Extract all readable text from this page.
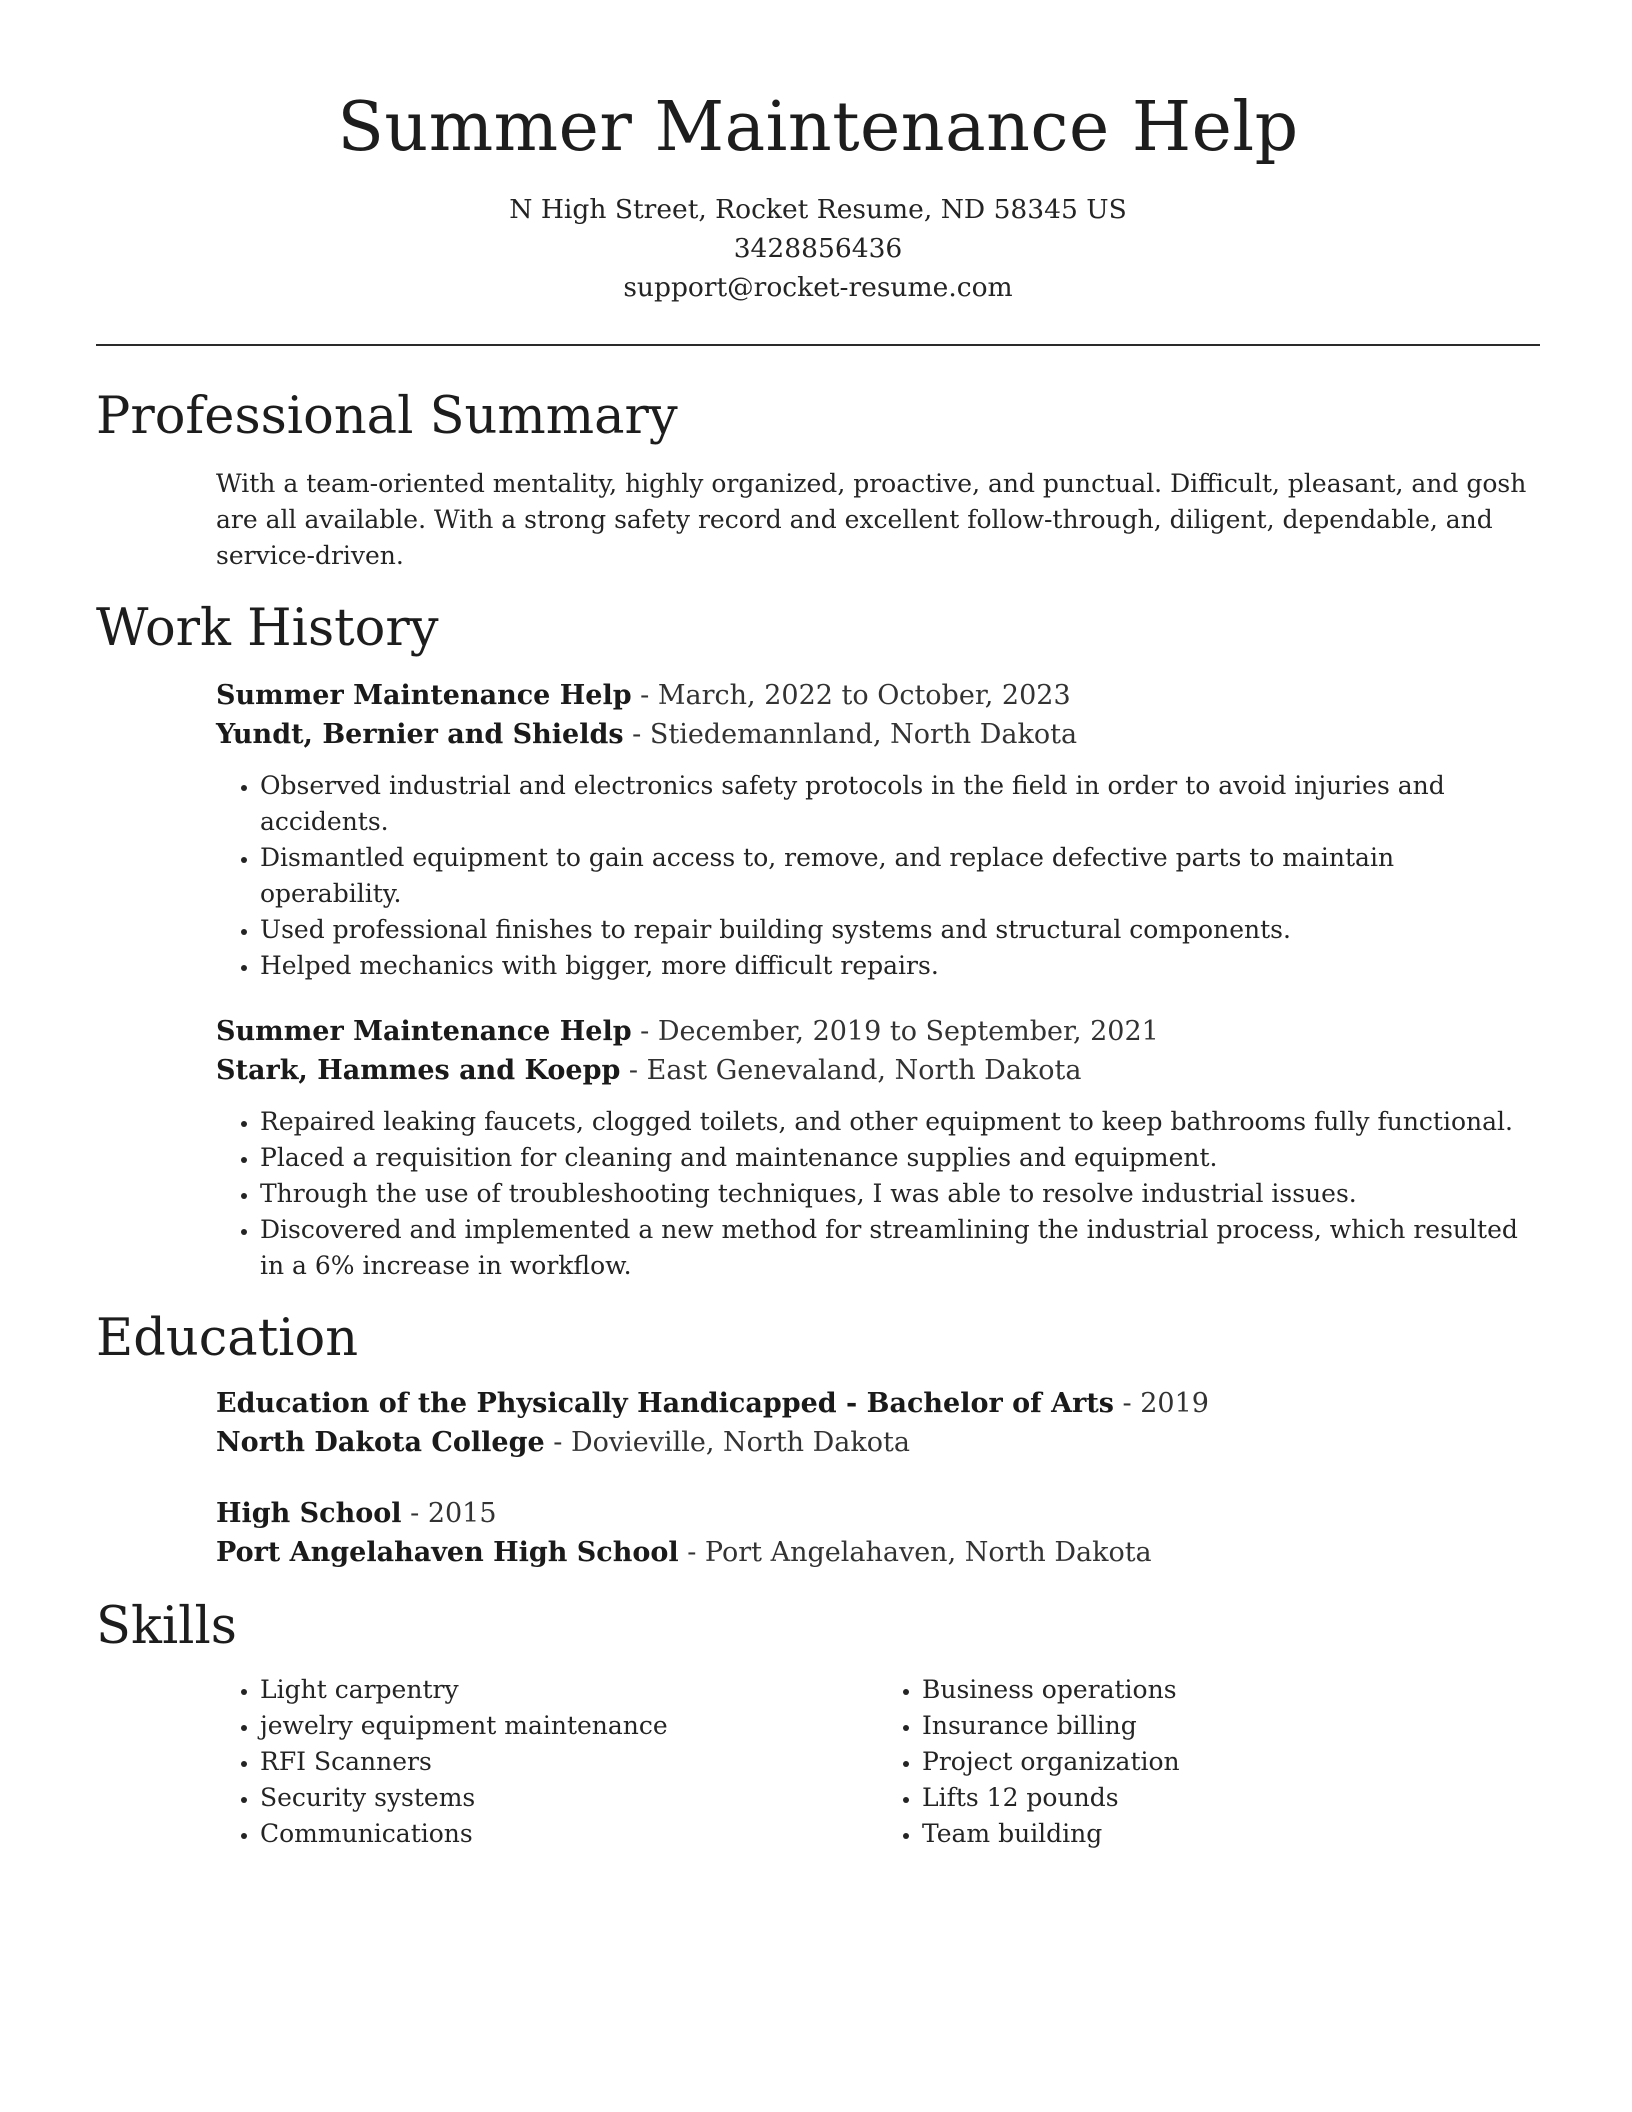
Summer Maintenance Help
N High Street, Rocket Resume, ND 58345 US
3428856436
support@rocket-resume.com
Professional Summary
With a team-oriented mentality, highly organized, proactive, and punctual. Difficult, pleasant, and gosh are all available. With a strong safety record and excellent follow-through, diligent, dependable, and service-driven.
Work History
Summer Maintenance Help - March, 2022 to October, 2023
Yundt, Bernier and Shields - Stiedemannland, North Dakota
• Observed industrial and electronics safety protocols in the field in order to avoid injuries and accidents.
• Dismantled equipment to gain access to, remove, and replace defective parts to maintain operability.
• Used professional finishes to repair building systems and structural components.
• Helped mechanics with bigger, more difficult repairs.
Summer Maintenance Help - December, 2019 to September, 2021
Stark, Hammes and Koepp - East Genevaland, North Dakota
• Repaired leaking faucets, clogged toilets, and other equipment to keep bathrooms fully functional.
• Placed a requisition for cleaning and maintenance supplies and equipment.
• Through the use of troubleshooting techniques, I was able to resolve industrial issues.
• Discovered and implemented a new method for streamlining the industrial process, which resulted in a 6% increase in workflow.
Education
Education of the Physically Handicapped - Bachelor of Arts - 2019
North Dakota College - Dovieville, North Dakota
High School - 2015
Port Angelahaven High School - Port Angelahaven, North Dakota
Skills
• Light carpentry
• jewelry equipment maintenance
• RFI Scanners
• Security systems
• Communications
• Business operations
• Insurance billing
• Project organization
• Lifts 12 pounds
• Team building
